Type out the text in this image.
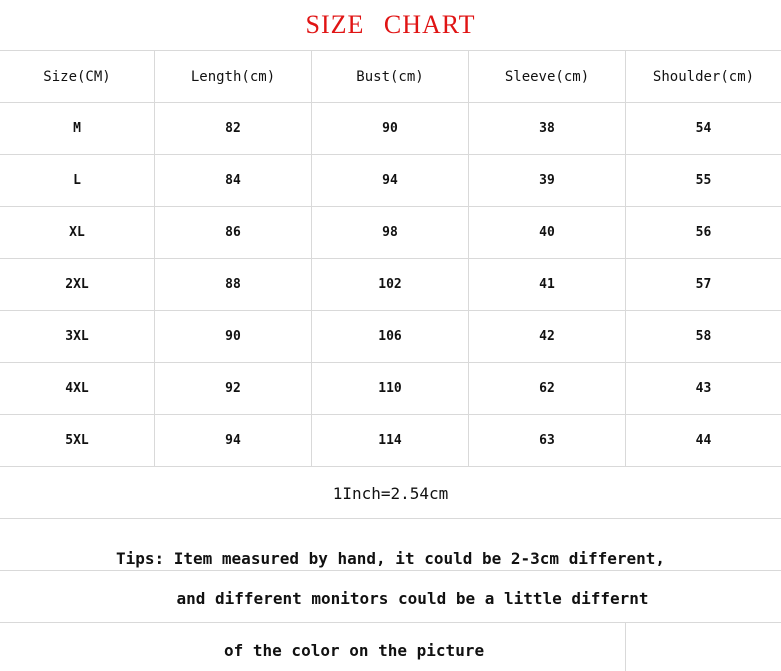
SIZE CHART
Size(CM)	Length(cm)	Bust(cm)	Sleeve(cm)	Shoulder(cm)
M	82	90	38	54
L	84	94	39	55
XL	86	98	40	56
2XL	88	102	41	57
3XL	90	106	42	58
4XL	92	110	62	43
5XL	94	114	63	44
1Inch=2.54cm
Tips: Item measured by hand, it could be 2-3cm different,
and different monitors could be a little differnt
of the color on the picture
